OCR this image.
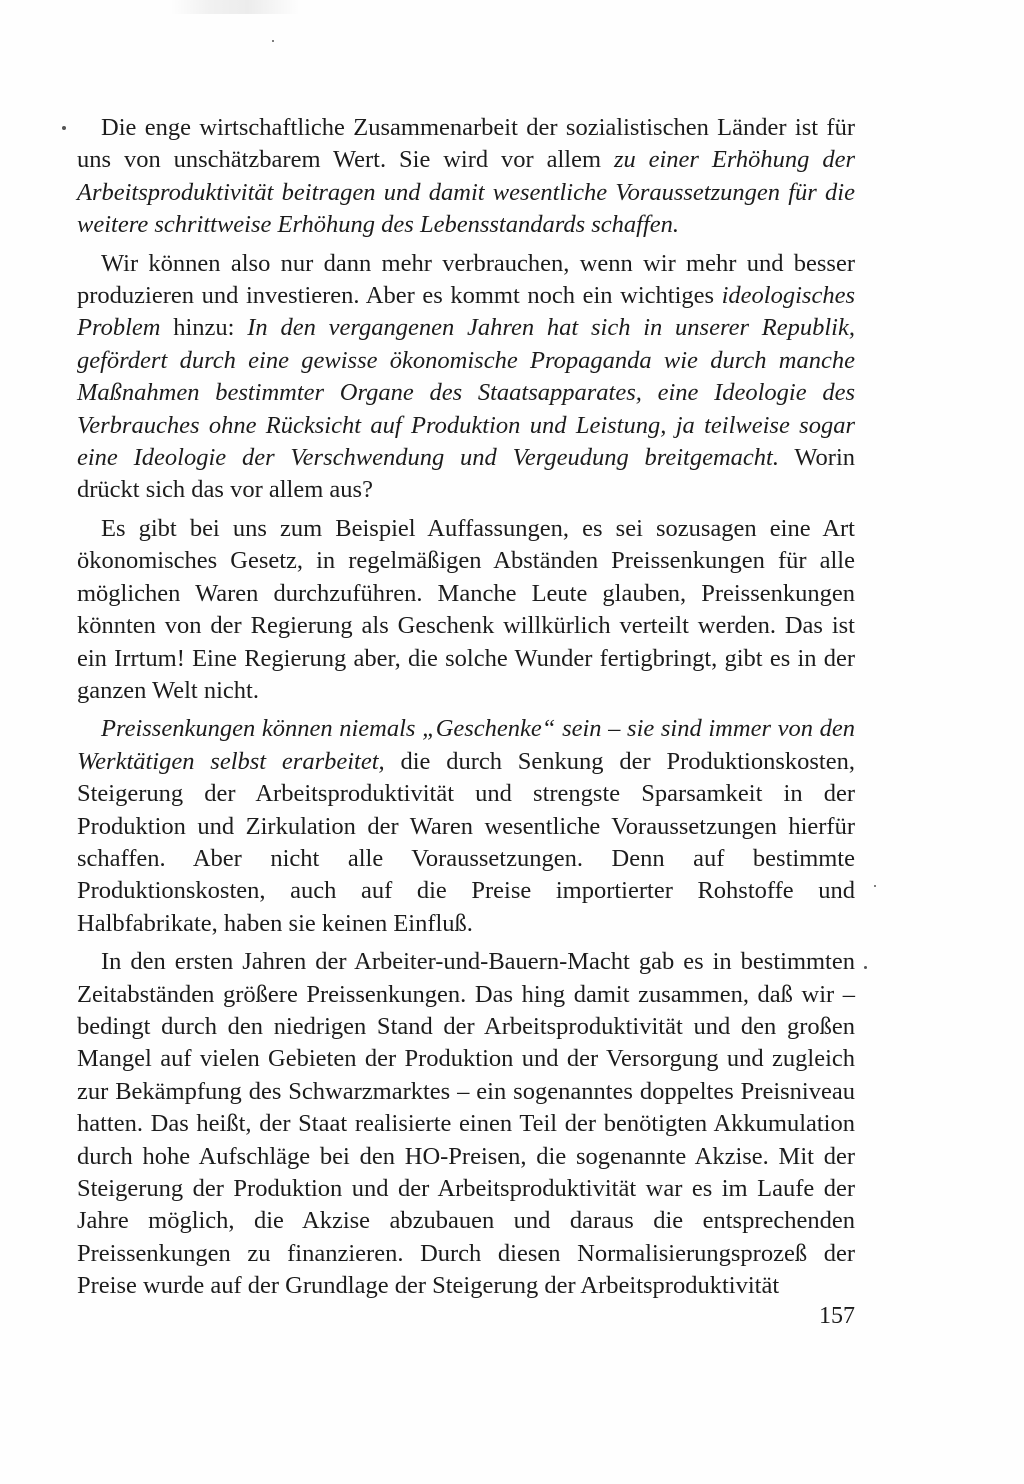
Die enge wirtschaftliche Zusammenarbeit der sozialistischen Länder ist für uns von unschätzbarem Wert. Sie wird vor allem zu einer Erhöhung der Arbeitsproduktivität beitragen und damit wesentliche Voraussetzungen für die weitere schrittweise Erhöhung des Lebensstandards schaffen.

Wir können also nur dann mehr verbrauchen, wenn wir mehr und besser produzieren und investieren. Aber es kommt noch ein wichtiges ideologisches Problem hinzu: In den vergangenen Jahren hat sich in unserer Republik, gefördert durch eine gewisse ökonomische Propaganda wie durch manche Maßnahmen bestimmter Organe des Staatsapparates, eine Ideologie des Verbrauches ohne Rücksicht auf Produktion und Leistung, ja teilweise sogar eine Ideologie der Verschwendung und Vergeudung breitgemacht. Worin drückt sich das vor allem aus?

Es gibt bei uns zum Beispiel Auffassungen, es sei sozusagen eine Art ökonomisches Gesetz, in regelmäßigen Abständen Preissenkungen für alle möglichen Waren durchzuführen. Manche Leute glauben, Preissenkungen könnten von der Regierung als Geschenk willkürlich verteilt werden. Das ist ein Irrtum! Eine Regierung aber, die solche Wunder fertigbringt, gibt es in der ganzen Welt nicht.

Preissenkungen können niemals „Geschenke“ sein – sie sind immer von den Werktätigen selbst erarbeitet, die durch Senkung der Produktionskosten, Steigerung der Arbeitsproduktivität und strengste Sparsamkeit in der Produktion und Zirkulation der Waren wesentliche Voraussetzungen hierfür schaffen. Aber nicht alle Voraussetzungen. Denn auf bestimmte Produktionskosten, auch auf die Preise importierter Rohstoffe und Halbfabrikate, haben sie keinen Einfluß.

In den ersten Jahren der Arbeiter-und-Bauern-Macht gab es in bestimmten Zeitabständen größere Preissenkungen. Das hing damit zusammen, daß wir – bedingt durch den niedrigen Stand der Arbeitsproduktivität und den großen Mangel auf vielen Gebieten der Produktion und der Versorgung und zugleich zur Bekämpfung des Schwarzmarktes – ein sogenanntes doppeltes Preisniveau hatten. Das heißt, der Staat realisierte einen Teil der benötigten Akkumulation durch hohe Aufschläge bei den HO-Preisen, die sogenannte Akzise. Mit der Steigerung der Produktion und der Arbeitsproduktivität war es im Laufe der Jahre möglich, die Akzise abzubauen und daraus die entsprechenden Preissenkungen zu finanzieren. Durch diesen Normalisierungsprozeß der Preise wurde auf der Grundlage der Steigerung der Arbeitsproduktivität

157
